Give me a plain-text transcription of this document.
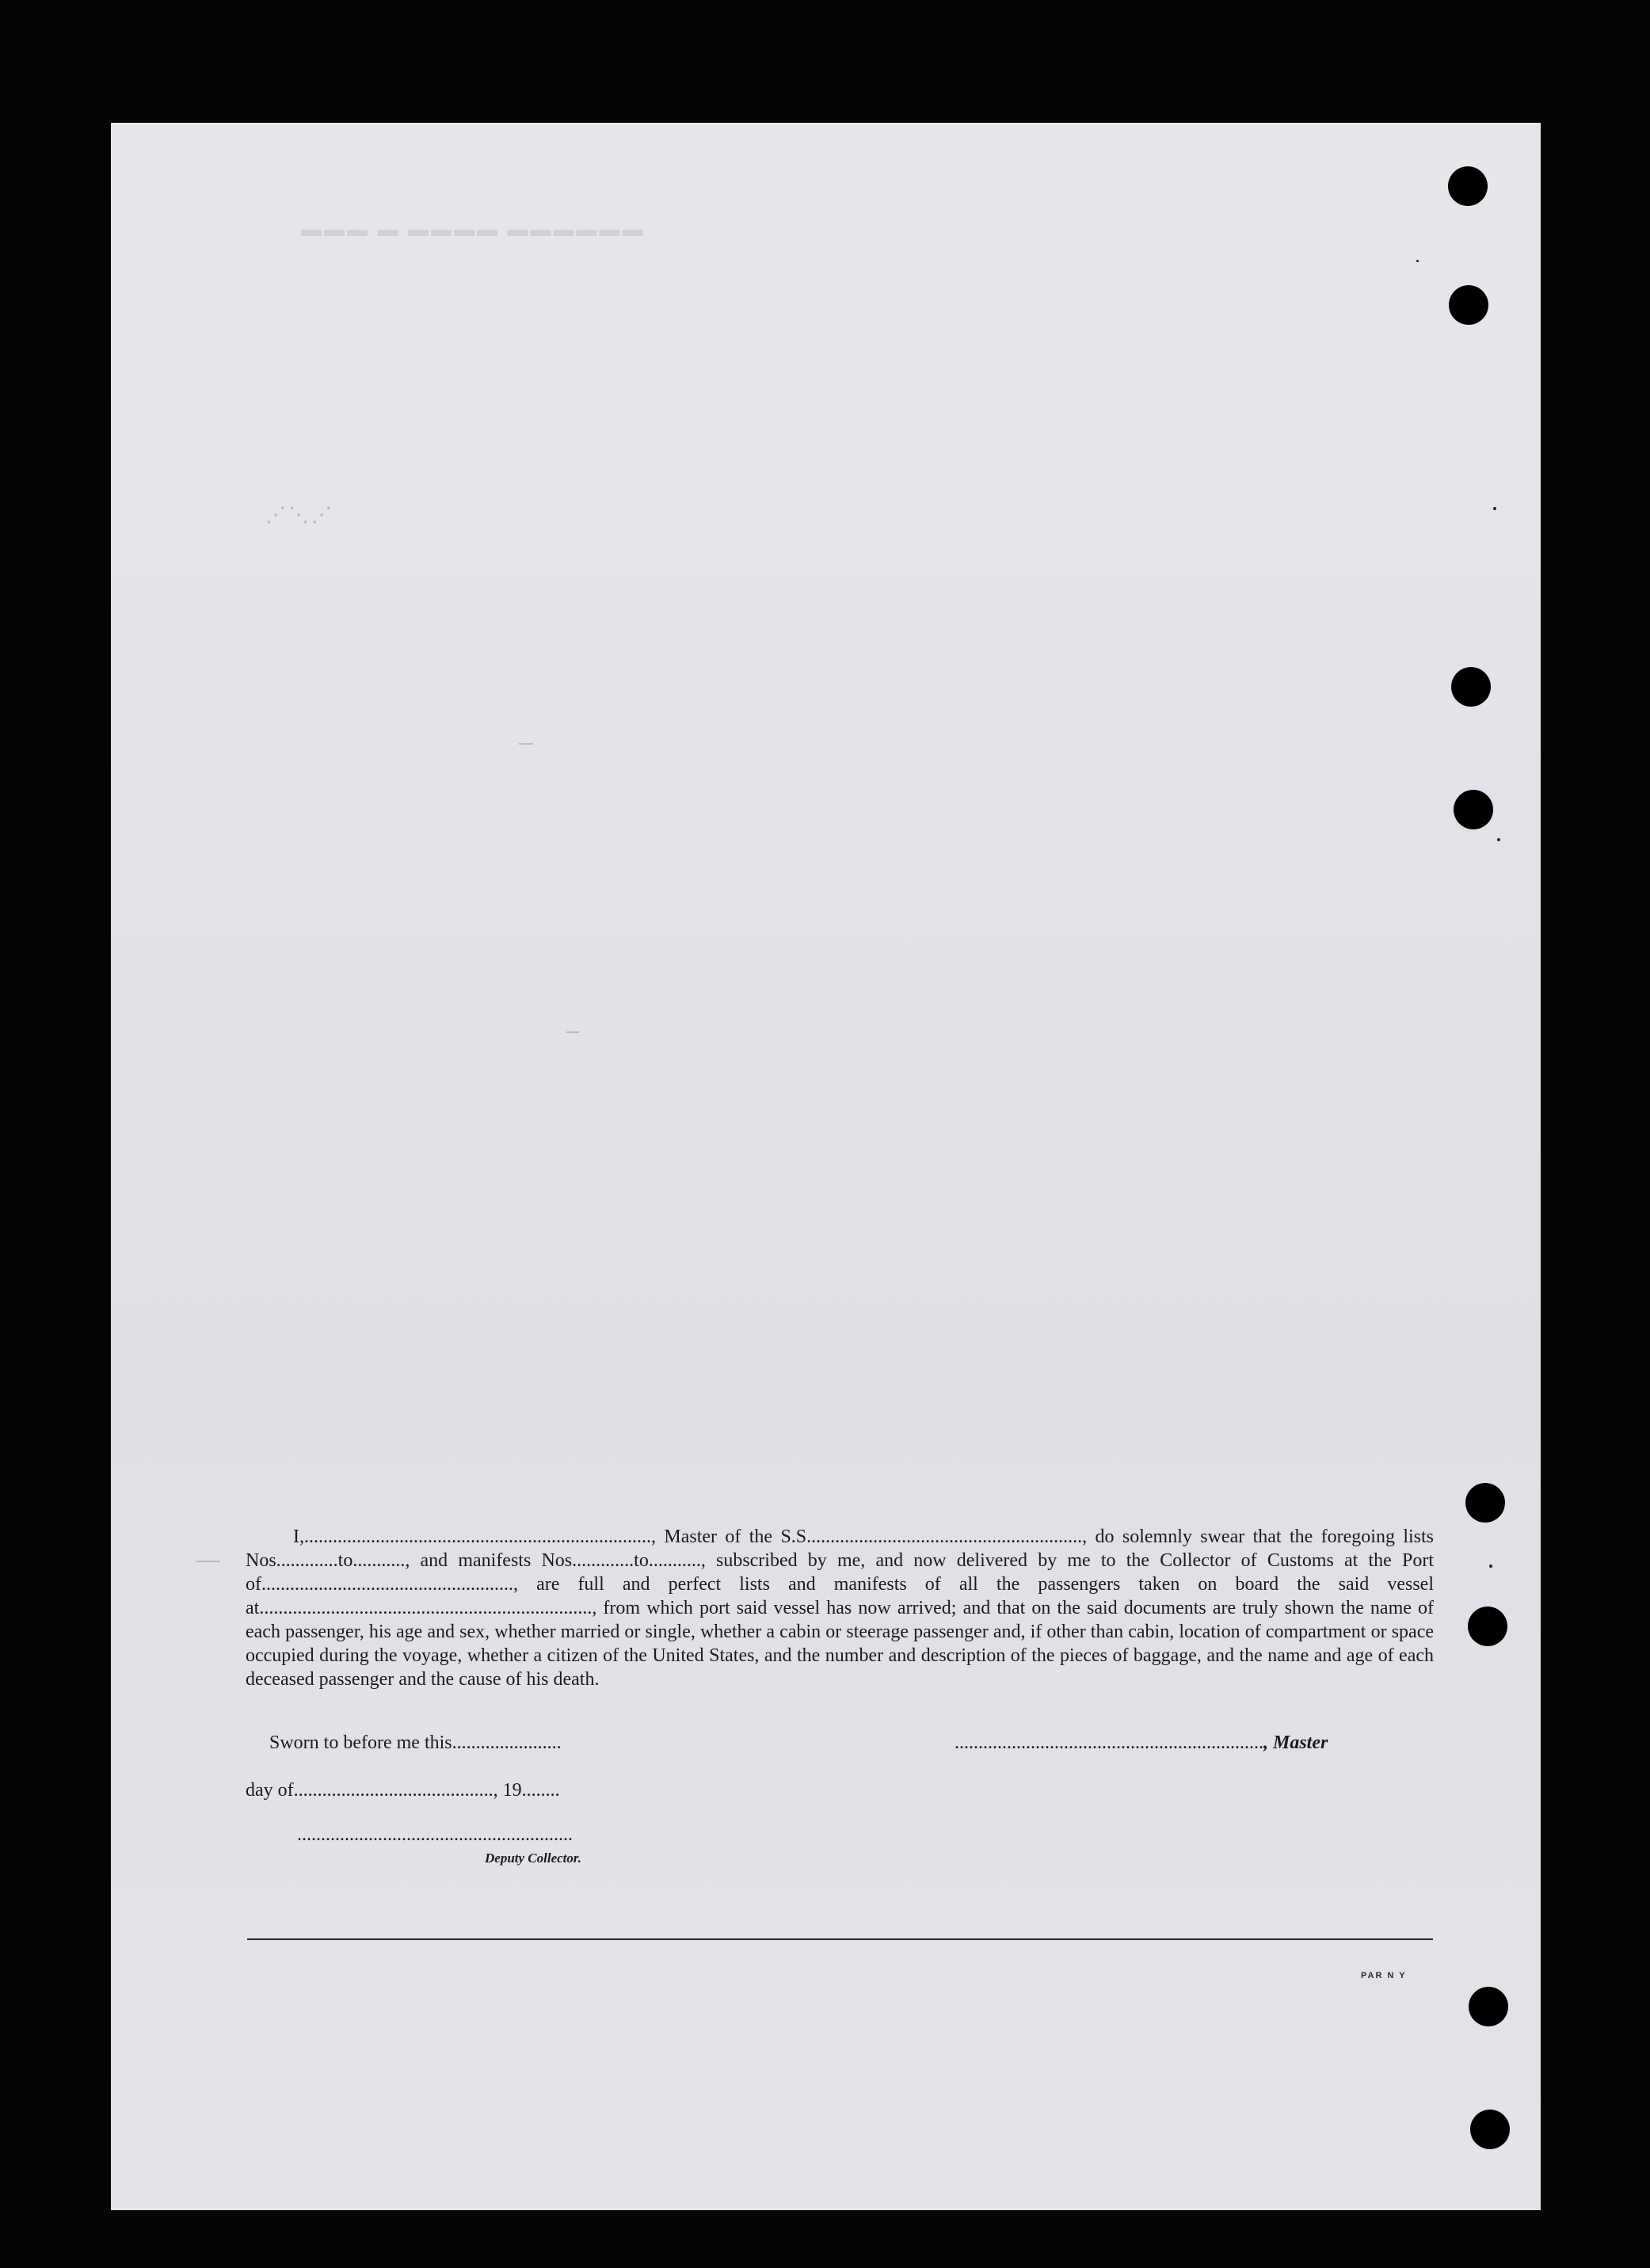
▬▬▬ ▬ ▬▬▬▬ ▬▬▬▬▬▬
⋰⋱⋰

I,........................................................................., Master of the S.S.........................................................., do solemnly swear that the foregoing lists Nos.............to..........., and manifests Nos.............to..........., subscribed by me, and now delivered by me to the Collector of Customs at the Port of....................................................., are full and perfect lists and manifests of all the passengers taken on board the said vessel at......................................................................, from which port said vessel has now arrived; and that on the said documents are truly shown the name of each passenger, his age and sex, whether married or single, whether a cabin or steerage passenger and, if other than cabin, location of compartment or space occupied during the voyage, whether a citizen of the United States, and the number and description of the pieces of baggage, and the name and age of each deceased passenger and the cause of his death.

Sworn to before me this.......................	................................................................., Master
day of.........................................., 19........
..........................................................
Deputy Collector.
PAR N Y
